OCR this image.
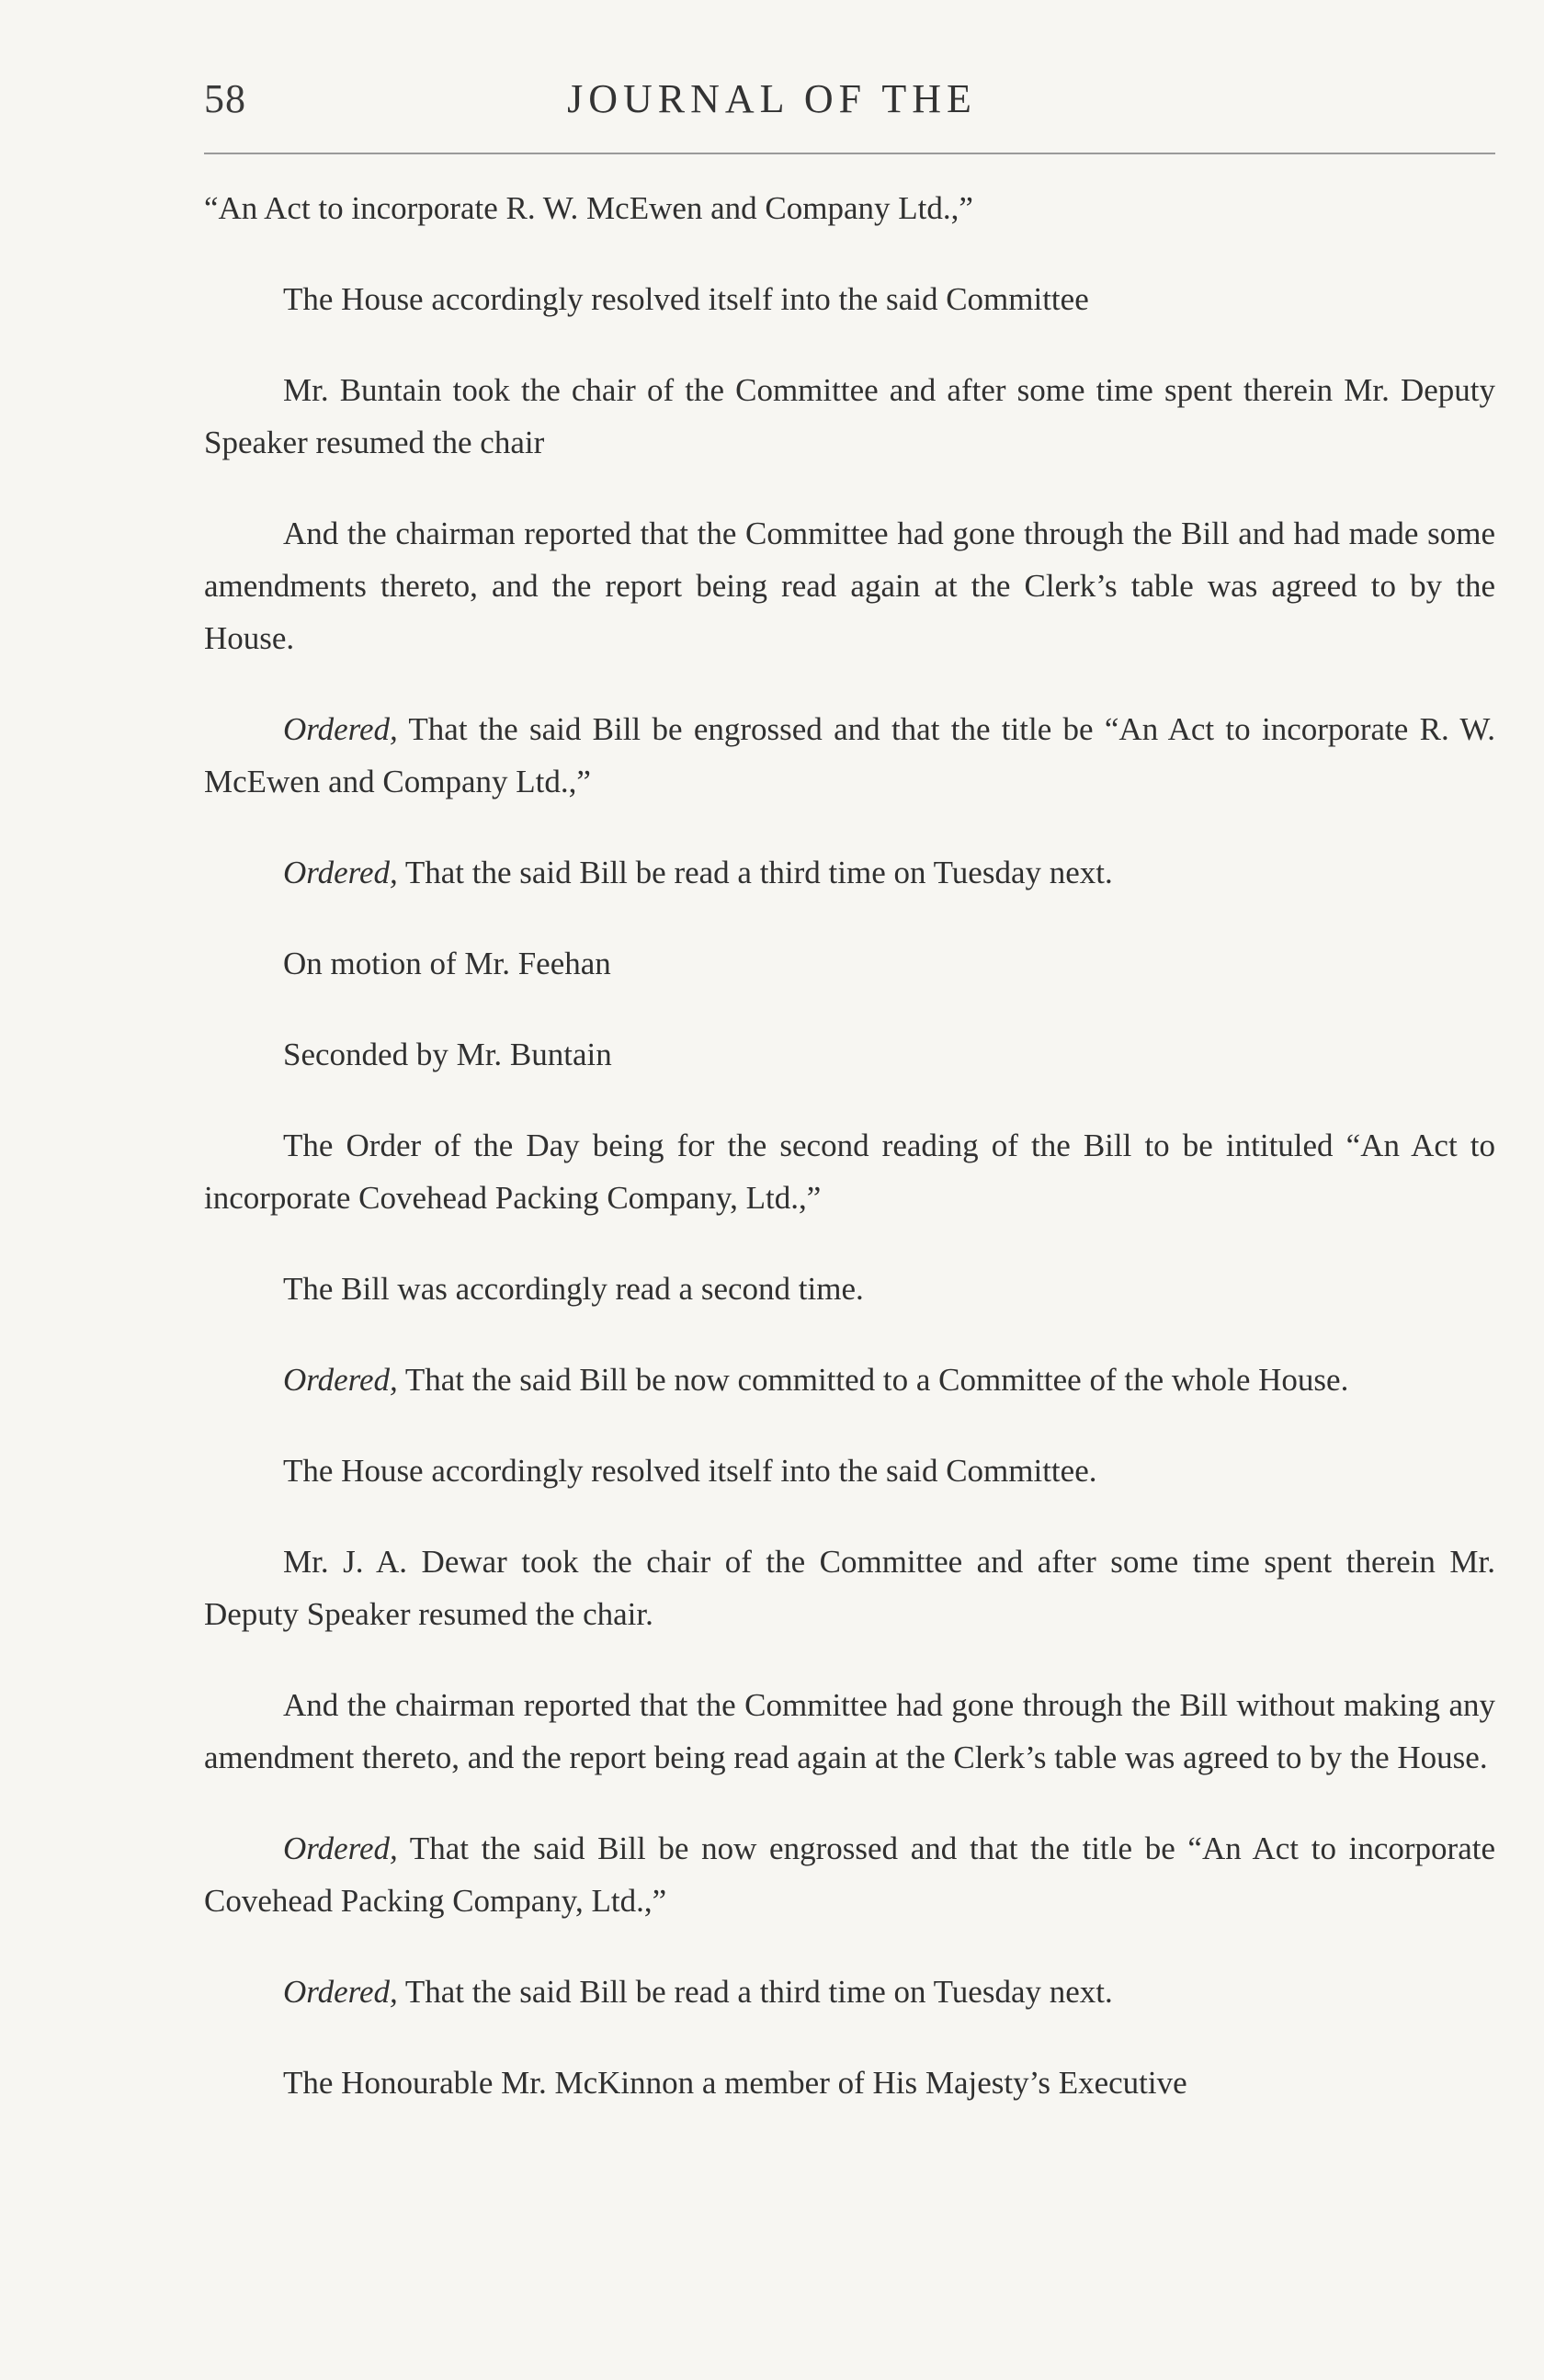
58	JOURNAL OF THE

“An Act to incorporate R. W. McEwen and Company Ltd.,”

The House accordingly resolved itself into the said Committee

Mr. Buntain took the chair of the Committee and after some time spent therein Mr. Deputy Speaker resumed the chair

And the chairman reported that the Committee had gone through the Bill and had made some amendments thereto, and the report being read again at the Clerk’s table was agreed to by the House.

Ordered, That the said Bill be engrossed and that the title be “An Act to incorporate R. W. McEwen and Company Ltd.,”

Ordered, That the said Bill be read a third time on Tuesday next.

On motion of Mr. Feehan

Seconded by Mr. Buntain

The Order of the Day being for the second reading of the Bill to be intituled “An Act to incorporate Covehead Packing Company, Ltd.,”

The Bill was accordingly read a second time.

Ordered, That the said Bill be now committed to a Committee of the whole House.

The House accordingly resolved itself into the said Committee.

Mr. J. A. Dewar took the chair of the Committee and after some time spent therein Mr. Deputy Speaker resumed the chair.

And the chairman reported that the Committee had gone through the Bill without making any amendment thereto, and the report being read again at the Clerk’s table was agreed to by the House.

Ordered, That the said Bill be now engrossed and that the title be “An Act to incorporate Covehead Packing Company, Ltd.,”

Ordered, That the said Bill be read a third time on Tuesday next.

The Honourable Mr. McKinnon a member of His Majesty’s Executive
